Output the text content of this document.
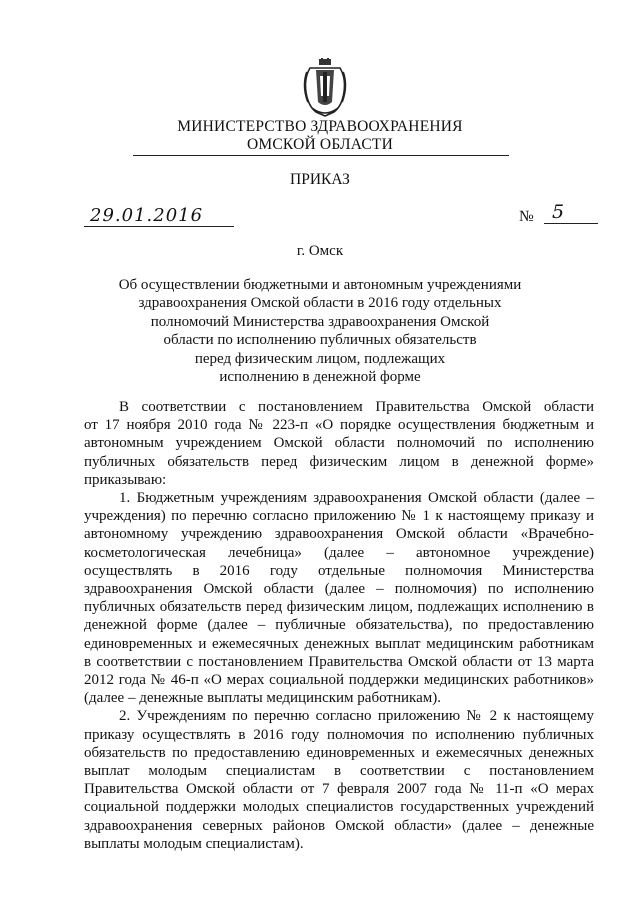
МИНИСТЕРСТВО ЗДРАВООХРАНЕНИЯ
ОМСКОЙ ОБЛАСТИ
ПРИКАЗ
29.01.2016	№ 5
г. Омск
Об осуществлении бюджетными и автономным учреждениями
здравоохранения Омской области в 2016 году отдельных
полномочий Министерства здравоохранения Омской
области по исполнению публичных обязательств
перед физическим лицом, подлежащих
исполнению в денежной форме
В соответствии с постановлением Правительства Омской области
от 17 ноября 2010 года № 223-п «О порядке осуществления бюджетным и
автономным учреждением Омской области полномочий по исполнению
публичных обязательств перед физическим лицом в денежной форме»
приказываю:
1. Бюджетным учреждениям здравоохранения Омской области (далее –
учреждения) по перечню согласно приложению № 1 к настоящему приказу и
автономному учреждению здравоохранения Омской области «Врачебно-
косметологическая лечебница» (далее – автономное учреждение)
осуществлять в 2016 году отдельные полномочия Министерства
здравоохранения Омской области (далее – полномочия) по исполнению
публичных обязательств перед физическим лицом, подлежащих исполнению в
денежной форме (далее – публичные обязательства), по предоставлению
единовременных и ежемесячных денежных выплат медицинским работникам
в соответствии с постановлением Правительства Омской области от 13 марта
2012 года № 46-п «О мерах социальной поддержки медицинских работников»
(далее – денежные выплаты медицинским работникам).
2. Учреждениям по перечню согласно приложению № 2 к настоящему
приказу осуществлять в 2016 году полномочия по исполнению публичных
обязательств по предоставлению единовременных и ежемесячных денежных
выплат молодым специалистам в соответствии с постановлением
Правительства Омской области от 7 февраля 2007 года № 11-п «О мерах
социальной поддержки молодых специалистов государственных учреждений
здравоохранения северных районов Омской области» (далее – денежные
выплаты молодым специалистам).
